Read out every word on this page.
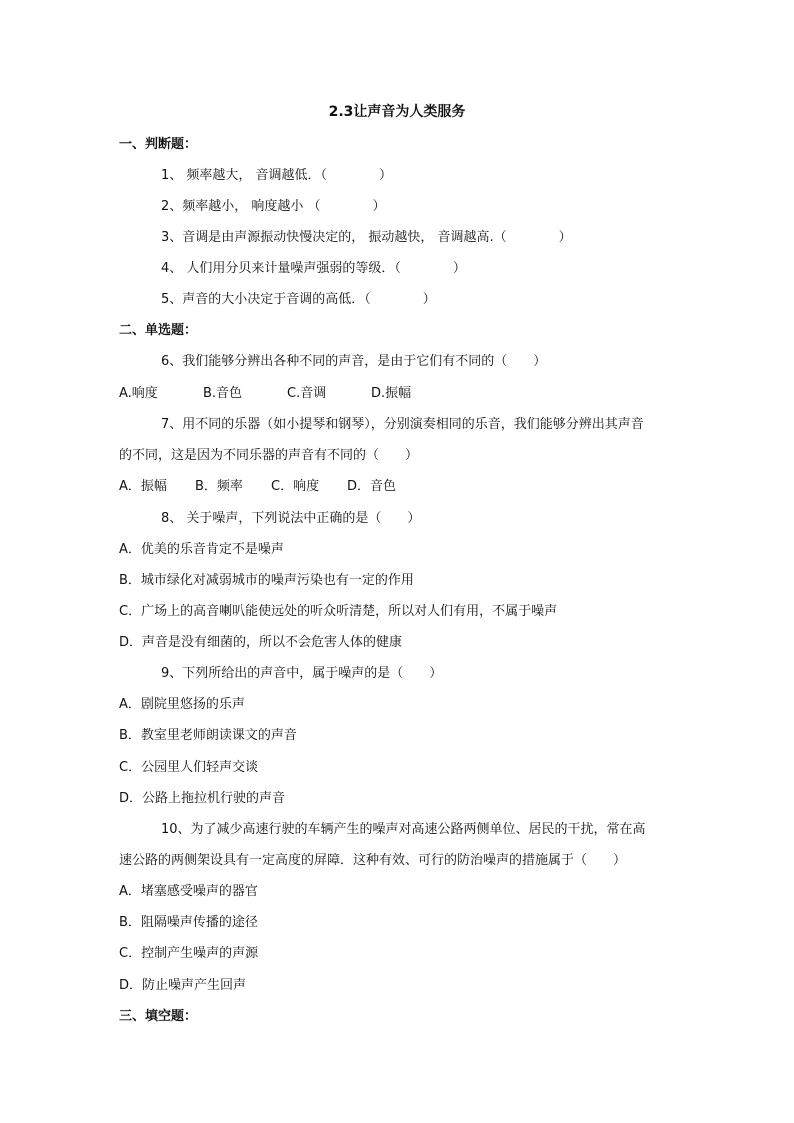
2.3让声音为人类服务
一、判断题：
1、 频率越大， 音调越低．（　　　　）
2、频率越小， 响度越小 （　　　　）
3、音调是由声源振动快慢决定的， 振动越快， 音调越高.（　　　　）
4、 人们用分贝来计量噪声强弱的等级．（　　　　）
5、声音的大小决定于音调的高低．（　　　　）
二、单选题：
6、我们能够分辨出各种不同的声音，是由于它们有不同的（　　）
A.响度	B.音色	C.音调	D.振幅
7、用不同的乐器（如小提琴和钢琴），分别演奏相同的乐音，我们能够分辨出其声音
的不同，这是因为不同乐器的声音有不同的（　　）
A．振幅	B．频率	C．响度	D．音色
8、 关于噪声，下列说法中正确的是（　　）
A．优美的乐音肯定不是噪声
B．城市绿化对减弱城市的噪声污染也有一定的作用
C．广场上的高音喇叭能使远处的听众听清楚，所以对人们有用，不属于噪声
D．声音是没有细菌的，所以不会危害人体的健康
9、下列所给出的声音中，属于噪声的是（　　）
A．剧院里悠扬的乐声
B．教室里老师朗读课文的声音
C．公园里人们轻声交谈
D．公路上拖拉机行驶的声音
10、为了减少高速行驶的车辆产生的噪声对高速公路两侧单位、居民的干扰，常在高
速公路的两侧架设具有一定高度的屏障．这种有效、可行的防治噪声的措施属于（　　）
A．堵塞感受噪声的器官
B．阻隔噪声传播的途径
C．控制产生噪声的声源
D．防止噪声产生回声
三、填空题：
